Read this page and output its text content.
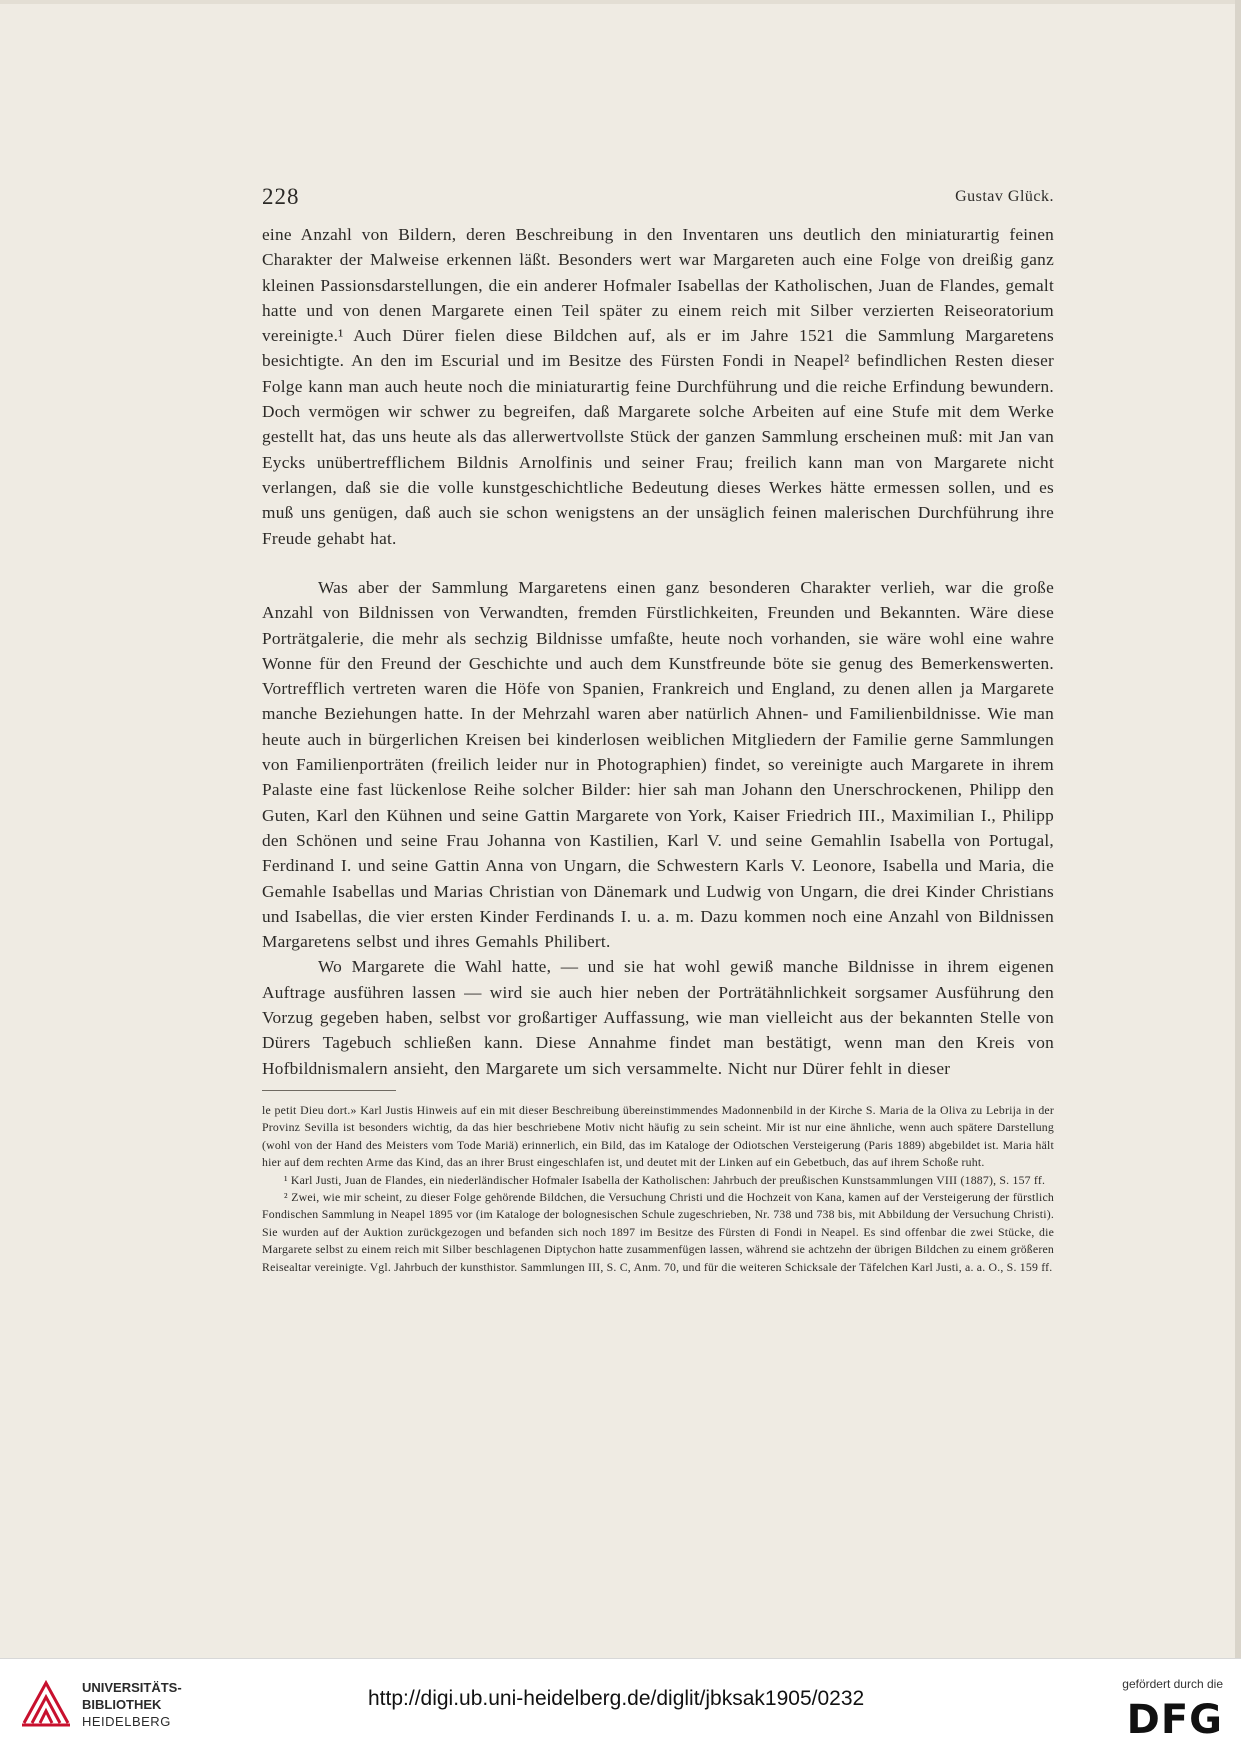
228	Gustav Glück.

eine Anzahl von Bildern, deren Beschreibung in den Inventaren uns deutlich den miniaturartig feinen Charakter der Malweise erkennen läßt. Besonders wert war Margareten auch eine Folge von dreißig ganz kleinen Passionsdarstellungen, die ein anderer Hofmaler Isabellas der Katholischen, Juan de Flandes, gemalt hatte und von denen Margarete einen Teil später zu einem reich mit Silber verzierten Reiseoratorium vereinigte.¹ Auch Dürer fielen diese Bildchen auf, als er im Jahre 1521 die Sammlung Margaretens besichtigte. An den im Escurial und im Besitze des Fürsten Fondi in Neapel² befindlichen Resten dieser Folge kann man auch heute noch die miniaturartig feine Durchführung und die reiche Erfindung bewundern. Doch vermögen wir schwer zu begreifen, daß Margarete solche Arbeiten auf eine Stufe mit dem Werke gestellt hat, das uns heute als das allerwertvollste Stück der ganzen Sammlung erscheinen muß: mit Jan van Eycks unübertrefflichem Bildnis Arnolfinis und seiner Frau; freilich kann man von Margarete nicht verlangen, daß sie die volle kunstgeschichtliche Bedeutung dieses Werkes hätte ermessen sollen, und es muß uns genügen, daß auch sie schon wenigstens an der unsäglich feinen malerischen Durchführung ihre Freude gehabt hat.

Was aber der Sammlung Margaretens einen ganz besonderen Charakter verlieh, war die große Anzahl von Bildnissen von Verwandten, fremden Fürstlichkeiten, Freunden und Bekannten. Wäre diese Porträtgalerie, die mehr als sechzig Bildnisse umfaßte, heute noch vorhanden, sie wäre wohl eine wahre Wonne für den Freund der Geschichte und auch dem Kunstfreunde böte sie genug des Bemerkenswerten. Vortrefflich vertreten waren die Höfe von Spanien, Frankreich und England, zu denen allen ja Margarete manche Beziehungen hatte. In der Mehrzahl waren aber natürlich Ahnen- und Familienbildnisse. Wie man heute auch in bürgerlichen Kreisen bei kinderlosen weiblichen Mitgliedern der Familie gerne Sammlungen von Familienporträten (freilich leider nur in Photographien) findet, so vereinigte auch Margarete in ihrem Palaste eine fast lückenlose Reihe solcher Bilder: hier sah man Johann den Unerschrockenen, Philipp den Guten, Karl den Kühnen und seine Gattin Margarete von York, Kaiser Friedrich III., Maximilian I., Philipp den Schönen und seine Frau Johanna von Kastilien, Karl V. und seine Gemahlin Isabella von Portugal, Ferdinand I. und seine Gattin Anna von Ungarn, die Schwestern Karls V. Leonore, Isabella und Maria, die Gemahle Isabellas und Marias Christian von Dänemark und Ludwig von Ungarn, die drei Kinder Christians und Isabellas, die vier ersten Kinder Ferdinands I. u. a. m. Dazu kommen noch eine Anzahl von Bildnissen Margaretens selbst und ihres Gemahls Philibert.

Wo Margarete die Wahl hatte, — und sie hat wohl gewiß manche Bildnisse in ihrem eigenen Auftrage ausführen lassen — wird sie auch hier neben der Porträtähnlichkeit sorgsamer Ausführung den Vorzug gegeben haben, selbst vor großartiger Auffassung, wie man vielleicht aus der bekannten Stelle von Dürers Tagebuch schließen kann. Diese Annahme findet man bestätigt, wenn man den Kreis von Hofbildnismalern ansieht, den Margarete um sich versammelte. Nicht nur Dürer fehlt in dieser

le petit Dieu dort.» Karl Justis Hinweis auf ein mit dieser Beschreibung übereinstimmendes Madonnenbild in der Kirche S. Maria de la Oliva zu Lebrija in der Provinz Sevilla ist besonders wichtig, da das hier beschriebene Motiv nicht häufig zu sein scheint. Mir ist nur eine ähnliche, wenn auch spätere Darstellung (wohl von der Hand des Meisters vom Tode Mariä) erinnerlich, ein Bild, das im Kataloge der Odiotschen Versteigerung (Paris 1889) abgebildet ist. Maria hält hier auf dem rechten Arme das Kind, das an ihrer Brust eingeschlafen ist, und deutet mit der Linken auf ein Gebetbuch, das auf ihrem Schoße ruht.

¹ Karl Justi, Juan de Flandes, ein niederländischer Hofmaler Isabella der Katholischen: Jahrbuch der preußischen Kunstsammlungen VIII (1887), S. 157 ff.

² Zwei, wie mir scheint, zu dieser Folge gehörende Bildchen, die Versuchung Christi und die Hochzeit von Kana, kamen auf der Versteigerung der fürstlich Fondischen Sammlung in Neapel 1895 vor (im Kataloge der bolognesischen Schule zugeschrieben, Nr. 738 und 738 bis, mit Abbildung der Versuchung Christi). Sie wurden auf der Auktion zurückgezogen und befanden sich noch 1897 im Besitze des Fürsten di Fondi in Neapel. Es sind offenbar die zwei Stücke, die Margarete selbst zu einem reich mit Silber beschlagenen Diptychon hatte zusammenfügen lassen, während sie achtzehn der übrigen Bildchen zu einem größeren Reisealtar vereinigte. Vgl. Jahrbuch der kunsthistor. Sammlungen III, S. C, Anm. 70, und für die weiteren Schicksale der Täfelchen Karl Justi, a. a. O., S. 159 ff.

UNIVERSITÄTS-
BIBLIOTHEK
HEIDELBERG
http://digi.ub.uni-heidelberg.de/diglit/jbksak1905/0232
gefördert durch die
DFG
